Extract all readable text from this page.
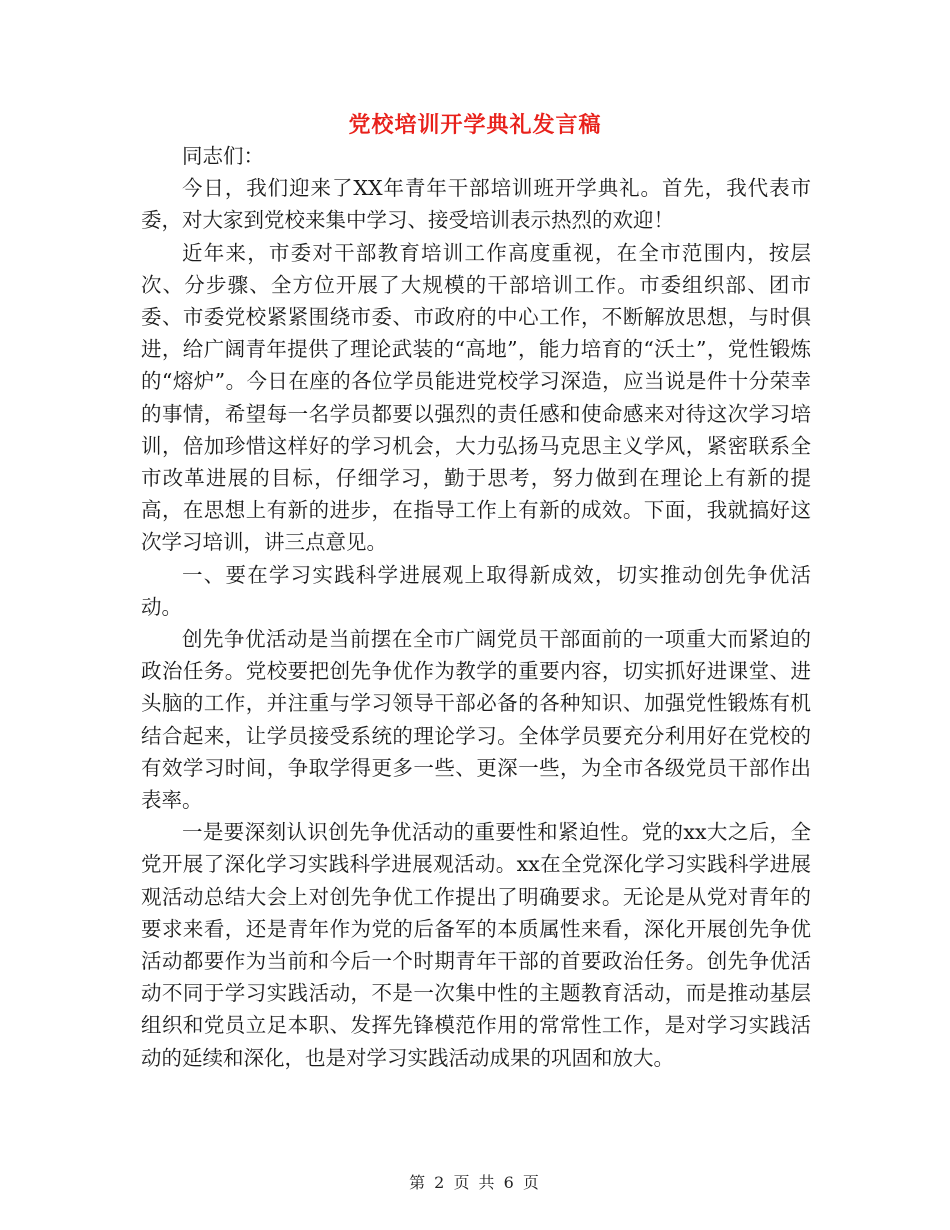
党校培训开学典礼发言稿

同志们：

今日，我们迎来了XX年青年干部培训班开学典礼。首先，我代表市委，对大家到党校来集中学习、接受培训表示热烈的欢迎！

近年来，市委对干部教育培训工作高度重视，在全市范围内，按层次、分步骤、全方位开展了大规模的干部培训工作。市委组织部、团市委、市委党校紧紧围绕市委、市政府的中心工作，不断解放思想，与时俱进，给广阔青年提供了理论武装的“高地”，能力培育的“沃土”，党性锻炼的“熔炉”。今日在座的各位学员能进党校学习深造，应当说是件十分荣幸的事情，希望每一名学员都要以强烈的责任感和使命感来对待这次学习培训，倍加珍惜这样好的学习机会，大力弘扬马克思主义学风，紧密联系全市改革进展的目标，仔细学习，勤于思考，努力做到在理论上有新的提高，在思想上有新的进步，在指导工作上有新的成效。下面，我就搞好这次学习培训，讲三点意见。

一、要在学习实践科学进展观上取得新成效，切实推动创先争优活动。

创先争优活动是当前摆在全市广阔党员干部面前的一项重大而紧迫的政治任务。党校要把创先争优作为教学的重要内容，切实抓好进课堂、进头脑的工作，并注重与学习领导干部必备的各种知识、加强党性锻炼有机结合起来，让学员接受系统的理论学习。全体学员要充分利用好在党校的有效学习时间，争取学得更多一些、更深一些，为全市各级党员干部作出表率。

一是要深刻认识创先争优活动的重要性和紧迫性。党的xx大之后，全党开展了深化学习实践科学进展观活动。xx在全党深化学习实践科学进展观活动总结大会上对创先争优工作提出了明确要求。无论是从党对青年的要求来看，还是青年作为党的后备军的本质属性来看，深化开展创先争优活动都要作为当前和今后一个时期青年干部的首要政治任务。创先争优活动不同于学习实践活动，不是一次集中性的主题教育活动，而是推动基层组织和党员立足本职、发挥先锋模范作用的常常性工作，是对学习实践活动的延续和深化，也是对学习实践活动成果的巩固和放大。

第 2 页 共 6 页
